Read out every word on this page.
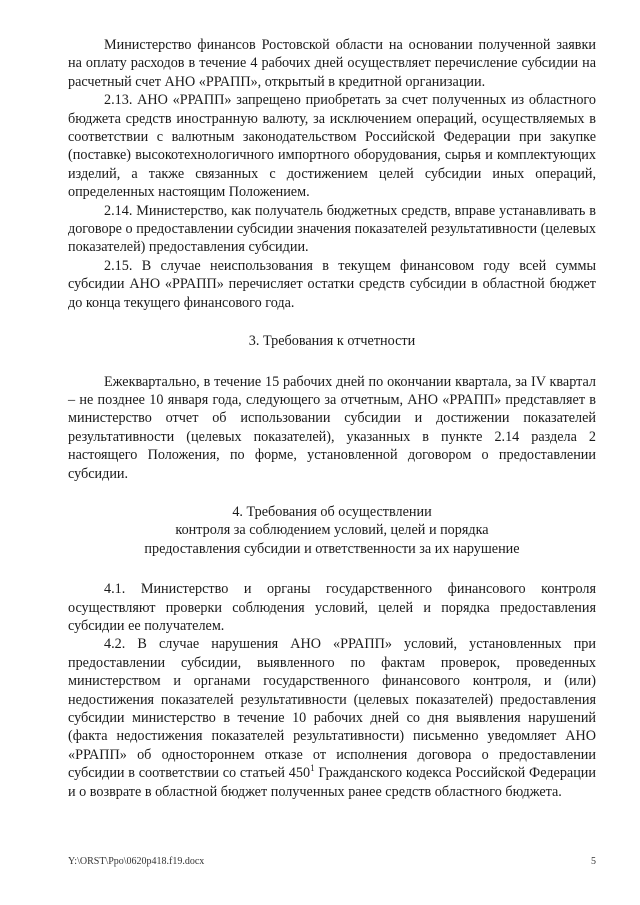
Министерство финансов Ростовской области на основании полученной заявки на оплату расходов в течение 4 рабочих дней осуществляет перечисление субсидии на расчетный счет АНО «РРАПП», открытый в кредитной организации.

2.13. АНО «РРАПП» запрещено приобретать за счет полученных из областного бюджета средств иностранную валюту, за исключением операций, осуществляемых в соответствии с валютным законодательством Российской Федерации при закупке (поставке) высокотехнологичного импортного оборудования, сырья и комплектующих изделий, а также связанных с достижением целей субсидии иных операций, определенных настоящим Положением.

2.14. Министерство, как получатель бюджетных средств, вправе устанавливать в договоре о предоставлении субсидии значения показателей результативности (целевых показателей) предоставления субсидии.

2.15. В случае неиспользования в текущем финансовом году всей суммы субсидии АНО «РРАПП» перечисляет остатки средств субсидии в областной бюджет до конца текущего финансового года.

3. Требования к отчетности

Ежеквартально, в течение 15 рабочих дней по окончании квартала, за IV квартал – не позднее 10 января года, следующего за отчетным, АНО «РРАПП» представляет в министерство отчет об использовании субсидии и достижении показателей результативности (целевых показателей), указанных в пункте 2.14 раздела 2 настоящего Положения, по форме, установленной договором о предоставлении субсидии.

4. Требования об осуществлении

контроля за соблюдением условий, целей и порядка

предоставления субсидии и ответственности за их нарушение

4.1. Министерство и органы государственного финансового контроля осуществляют проверки соблюдения условий, целей и порядка предоставления субсидии ее получателем.

4.2. В случае нарушения АНО «РРАПП» условий, установленных при предоставлении субсидии, выявленного по фактам проверок, проведенных министерством и органами государственного финансового контроля, и (или) недостижения показателей результативности (целевых показателей) предоставления субсидии министерство в течение 10 рабочих дней со дня выявления нарушений (факта недостижения показателей результативности) письменно уведомляет АНО «РРАПП» об одностороннем отказе от исполнения договора о предоставлении субсидии в соответствии со статьей $450^1$ Гражданского кодекса Российской Федерации и о возврате в областной бюджет полученных ранее средств областного бюджета.

Y:\ORST\Ppo\0620p418.f19.docx	5
